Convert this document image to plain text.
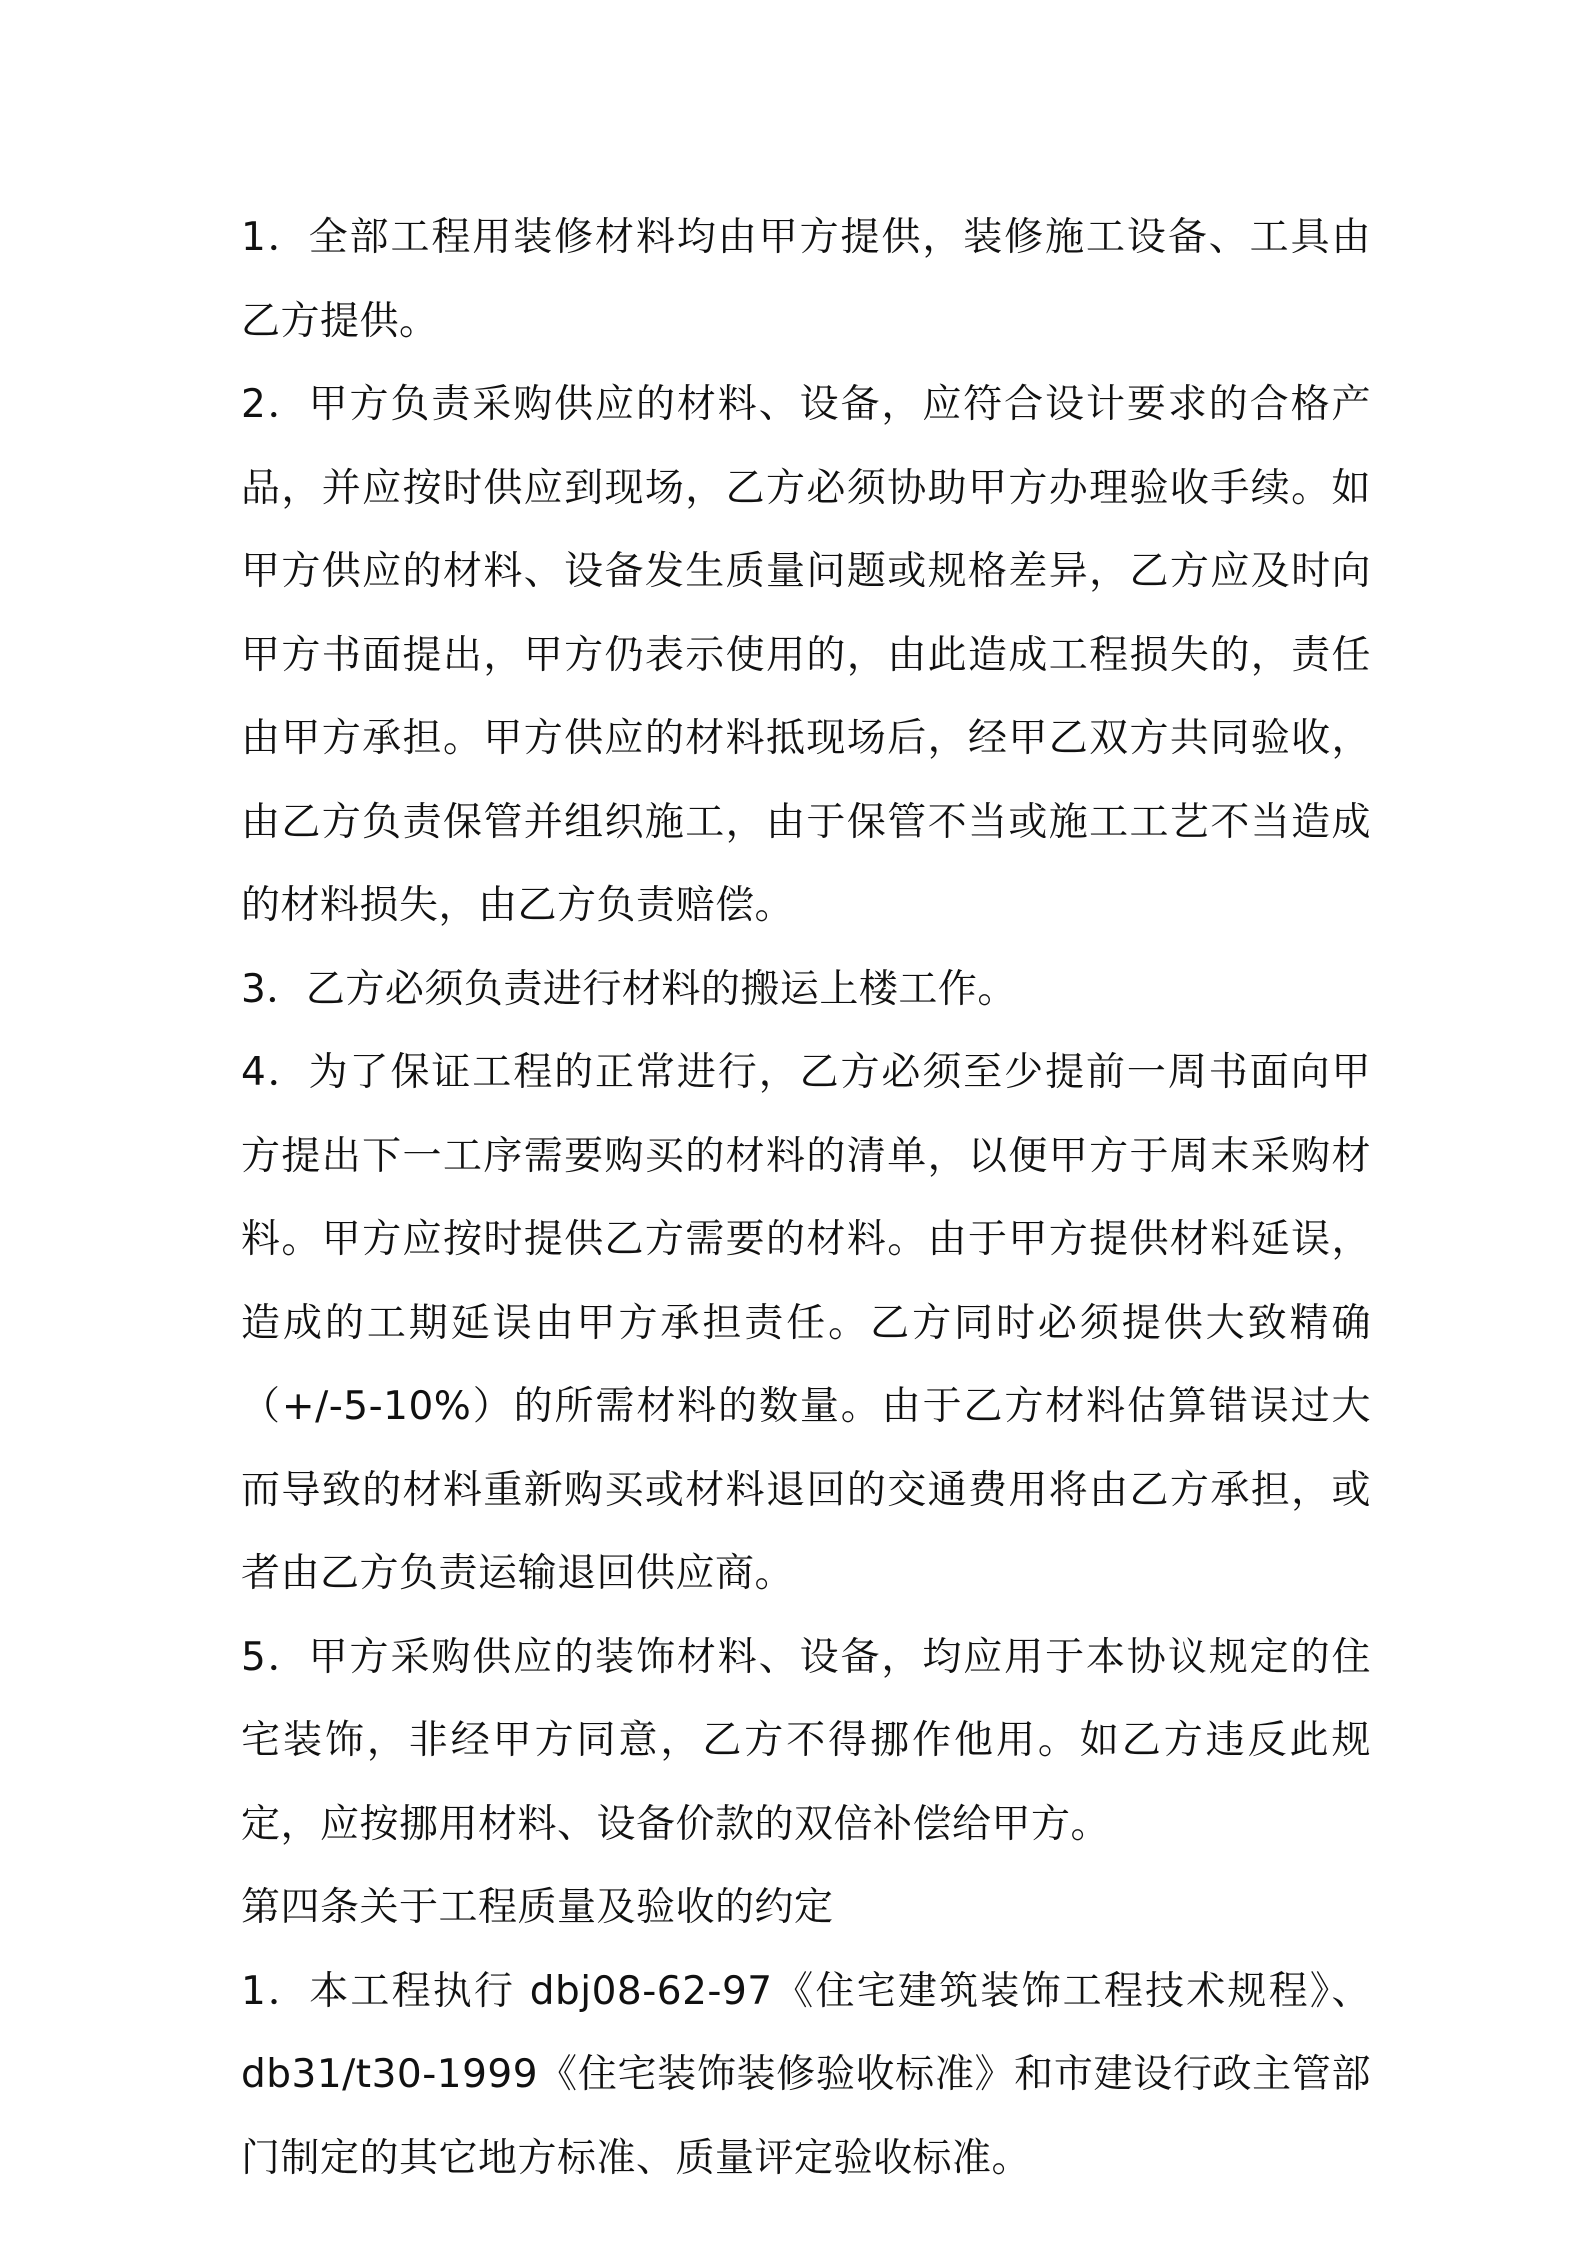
1．全部工程用装修材料均由甲方提供，装修施工设备、工具由乙方提供。

2．甲方负责采购供应的材料、设备，应符合设计要求的合格产品，并应按时供应到现场，乙方必须协助甲方办理验收手续。如甲方供应的材料、设备发生质量问题或规格差异，乙方应及时向甲方书面提出，甲方仍表示使用的，由此造成工程损失的，责任由甲方承担。甲方供应的材料抵现场后，经甲乙双方共同验收，由乙方负责保管并组织施工，由于保管不当或施工工艺不当造成的材料损失，由乙方负责赔偿。

3．乙方必须负责进行材料的搬运上楼工作。

4．为了保证工程的正常进行，乙方必须至少提前一周书面向甲方提出下一工序需要购买的材料的清单，以便甲方于周末采购材料。甲方应按时提供乙方需要的材料。由于甲方提供材料延误，造成的工期延误由甲方承担责任。乙方同时必须提供大致精确（+/-5-10%）的所需材料的数量。由于乙方材料估算错误过大而导致的材料重新购买或材料退回的交通费用将由乙方承担，或者由乙方负责运输退回供应商。

5．甲方采购供应的装饰材料、设备，均应用于本协议规定的住宅装饰，非经甲方同意，乙方不得挪作他用。如乙方违反此规定，应按挪用材料、设备价款的双倍补偿给甲方。

第四条关于工程质量及验收的约定

1．本工程执行 dbj08-62-97《住宅建筑装饰工程技术规程》、db31/t30-1999《住宅装饰装修验收标准》和市建设行政主管部门制定的其它地方标准、质量评定验收标准。
